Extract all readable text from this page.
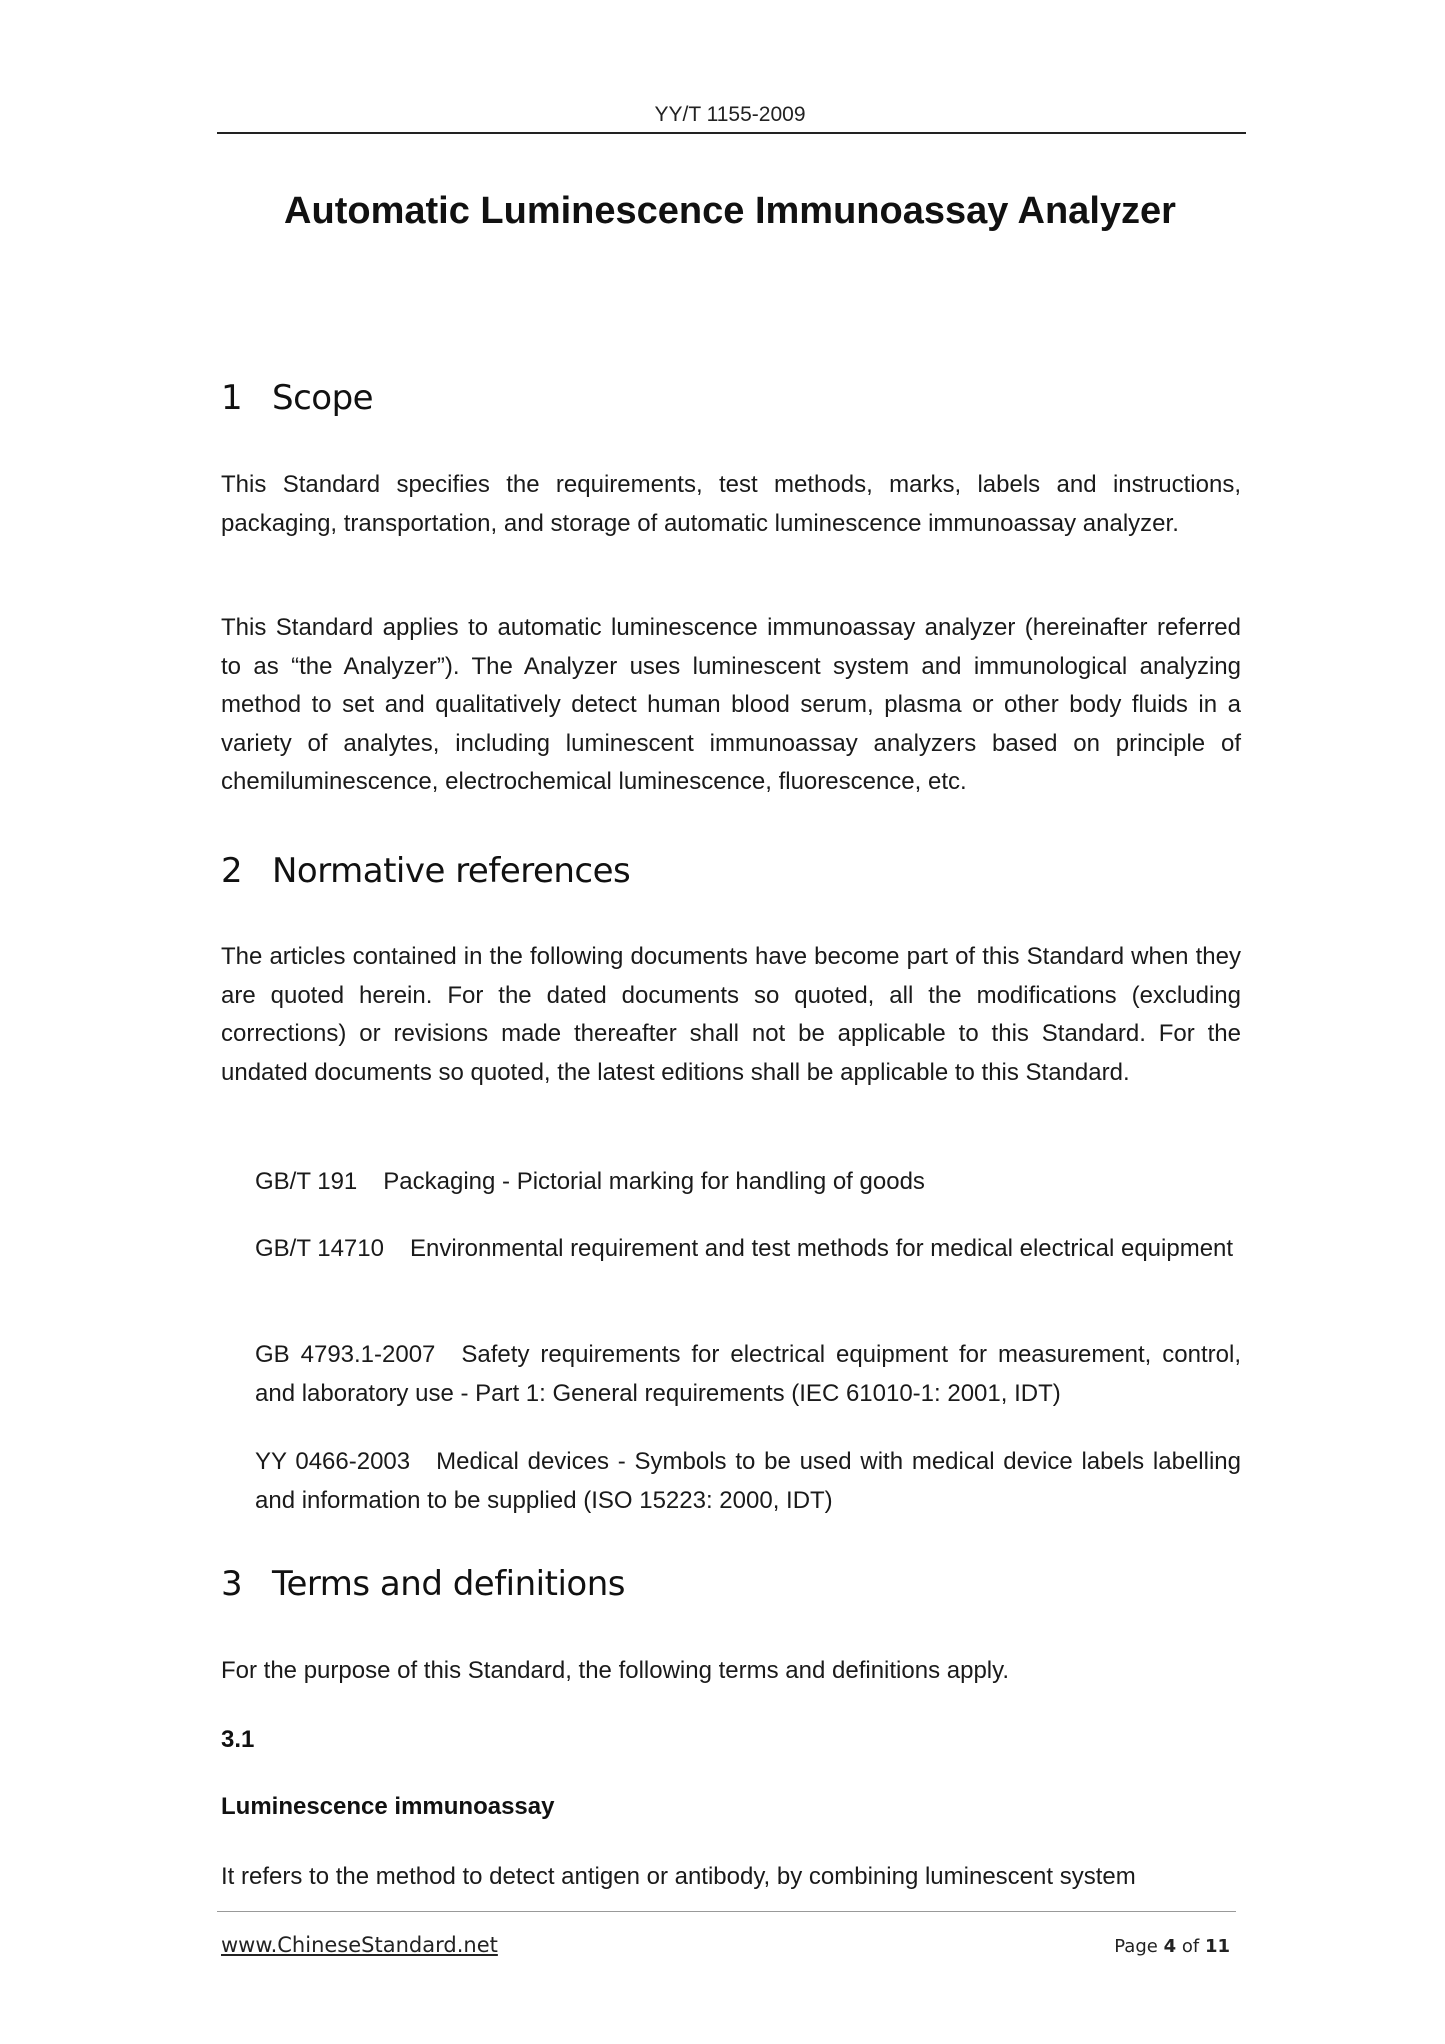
YY/T 1155-2009
Automatic Luminescence Immunoassay Analyzer
1 Scope
This Standard specifies the requirements, test methods, marks, labels and instructions, packaging, transportation, and storage of automatic luminescence immunoassay analyzer.
This Standard applies to automatic luminescence immunoassay analyzer (hereinafter referred to as “the Analyzer”). The Analyzer uses luminescent system and immunological analyzing method to set and qualitatively detect human blood serum, plasma or other body fluids in a variety of analytes, including luminescent immunoassay analyzers based on principle of chemiluminescence, electrochemical luminescence, fluorescence, etc.
2 Normative references
The articles contained in the following documents have become part of this Standard when they are quoted herein. For the dated documents so quoted, all the modifications (excluding corrections) or revisions made thereafter shall not be applicable to this Standard. For the undated documents so quoted, the latest editions shall be applicable to this Standard.
GB/T 191 Packaging - Pictorial marking for handling of goods
GB/T 14710 Environmental requirement and test methods for medical electrical equipment
GB 4793.1-2007 Safety requirements for electrical equipment for measurement, control, and laboratory use - Part 1: General requirements (IEC 61010-1: 2001, IDT)
YY 0466-2003 Medical devices - Symbols to be used with medical device labels labelling and information to be supplied (ISO 15223: 2000, IDT)
3 Terms and definitions
For the purpose of this Standard, the following terms and definitions apply.
3.1
Luminescence immunoassay
It refers to the method to detect antigen or antibody, by combining luminescent system
www.ChineseStandard.net	Page 4 of 11
